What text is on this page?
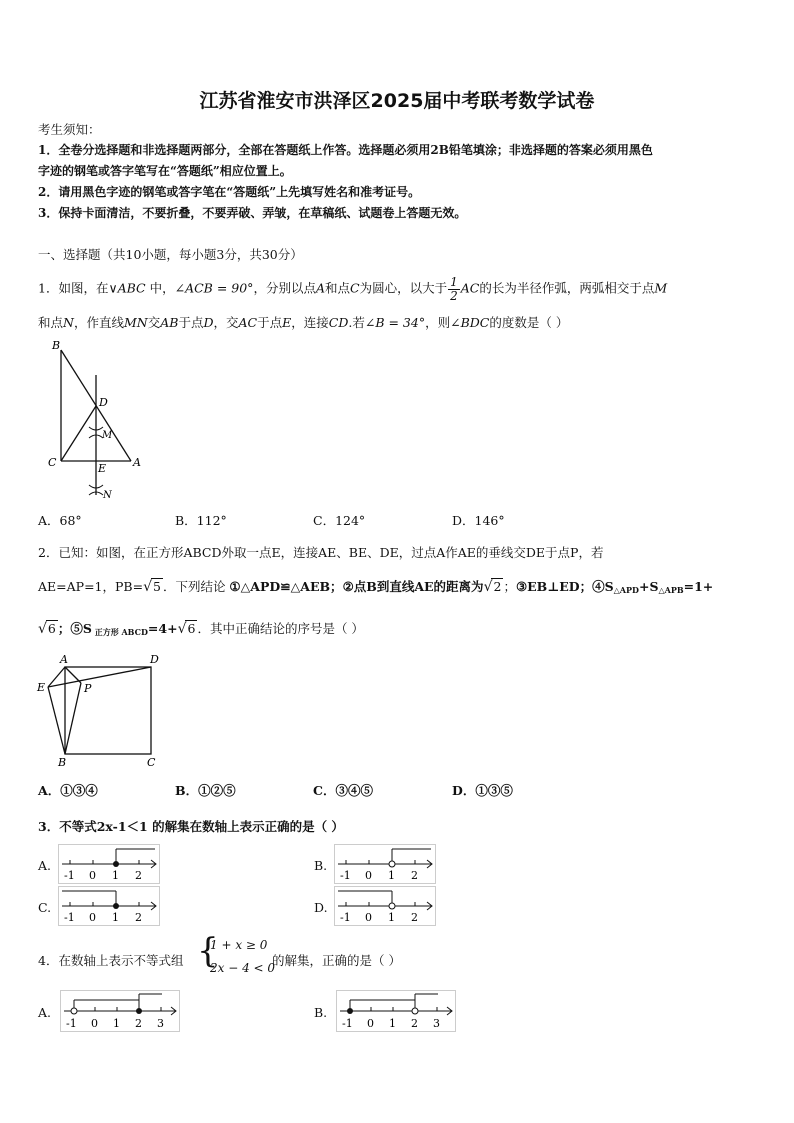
江苏省淮安市洪泽区2025届中考联考数学试卷
考生须知：
1．全卷分选择题和非选择题两部分，全部在答题纸上作答。选择题必须用2B铅笔填涂；非选择题的答案必须用黑色
字迹的钢笔或答字笔写在“答题纸”相应位置上。
2．请用黑色字迹的钢笔或答字笔在“答题纸”上先填写姓名和准考证号。
3．保持卡面清洁，不要折叠，不要弄破、弄皱，在草稿纸、试题卷上答题无效。
一、选择题（共10小题，每小题3分，共30分）
1．如图，在∨ABC 中，∠ACB = 90°，分别以点A和点C为圆心，以大于 $\frac{1}{2}$ AC的长为半径作弧，两弧相交于点M
和点N，作直线MN交AB于点D，交AC于点E，连接CD.若∠B = 34°，则∠BDC的度数是（ ）
B
D
M
C	E A
N
A．68°	B．112°	C．124°	D．146°
2．已知：如图，在正方形ABCD外取一点E，连接AE、BE、DE，过点A作AE的垂线交DE于点P，若
AE=AP=1，PB=√5 ．下列结论 ①△APD≌△AEB；②点B到直线AE的距离为√2 ；③EB⊥ED；$④S_{\triangle APD}+S_{\triangle APB}=1+$
√6 ；⑤S $_{正方形 ABCD}$=4+√6 ．其中正确结论的序号是（ ）
A	D
E	P
B	C
A．①③④	B．①②⑤	C．③④⑤	D．①③⑤
3．不等式2x-1＜1 的解集在数轴上表示正确的是（ ）
A.
-1 0 1 2
B.
-1 0 1 2
C.
-1 0 1 2
D.
-1 0 1 2
4．在数轴上表示不等式组 {
1 + x ≥ 0
2x − 4 < 0
的解集，正确的是（ ）
A.
-1 0 1 2 3
B.
-1 0 1 2 3
